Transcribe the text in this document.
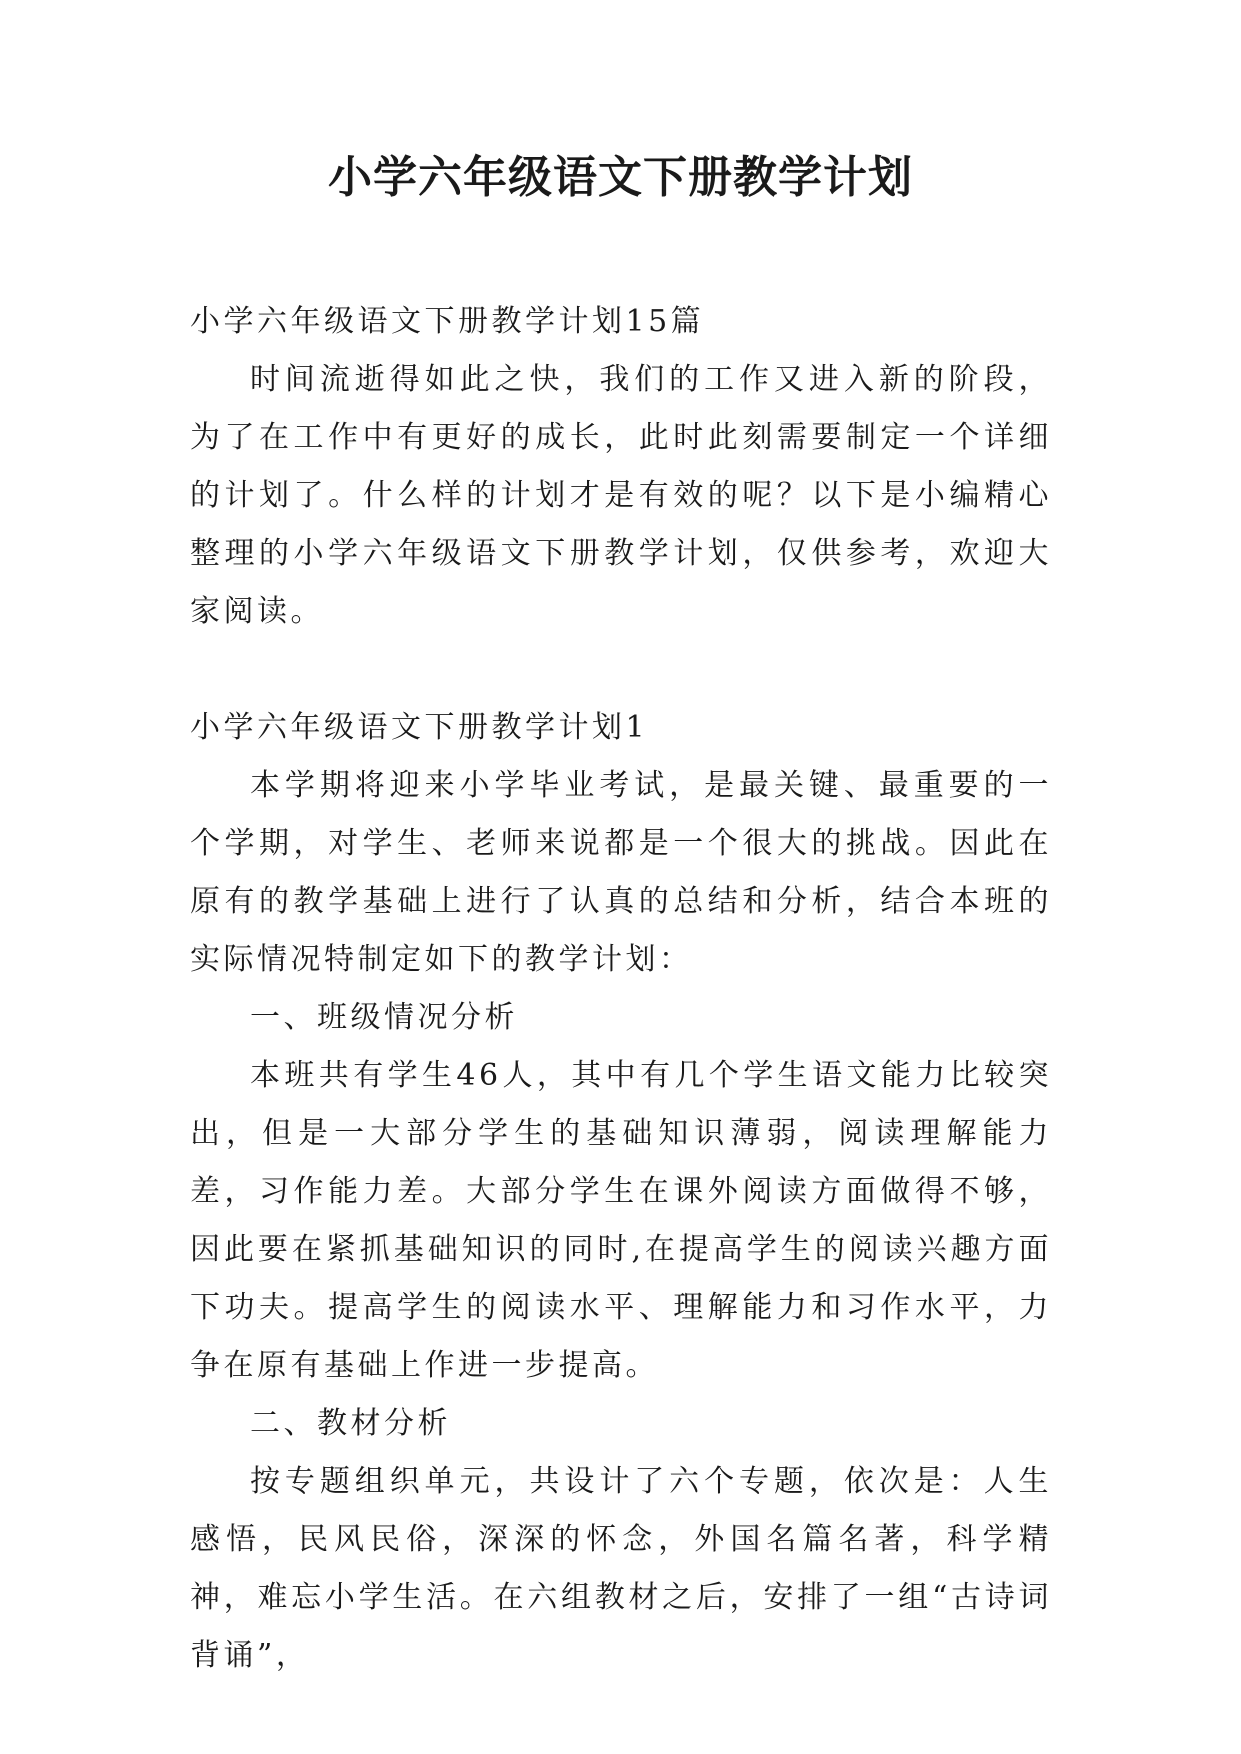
小学六年级语文下册教学计划

小学六年级语文下册教学计划15篇

时间流逝得如此之快，我们的工作又进入新的阶段，为了在工作中有更好的成长，此时此刻需要制定一个详细的计划了。什么样的计划才是有效的呢？以下是小编精心整理的小学六年级语文下册教学计划，仅供参考，欢迎大家阅读。

小学六年级语文下册教学计划1

本学期将迎来小学毕业考试，是最关键、最重要的一个学期，对学生、老师来说都是一个很大的挑战。因此在原有的教学基础上进行了认真的总结和分析，结合本班的实际情况特制定如下的教学计划：

一、班级情况分析

本班共有学生46人，其中有几个学生语文能力比较突出，但是一大部分学生的基础知识薄弱，阅读理解能力差，习作能力差。大部分学生在课外阅读方面做得不够，因此要在紧抓基础知识的同时,在提高学生的阅读兴趣方面下功夫。提高学生的阅读水平、理解能力和习作水平，力争在原有基础上作进一步提高。

二、教材分析

按专题组织单元，共设计了六个专题，依次是：人生感悟，民风民俗，深深的怀念，外国名篇名著，科学精神，难忘小学生活。在六组教材之后，安排了一组“古诗词背诵”，
